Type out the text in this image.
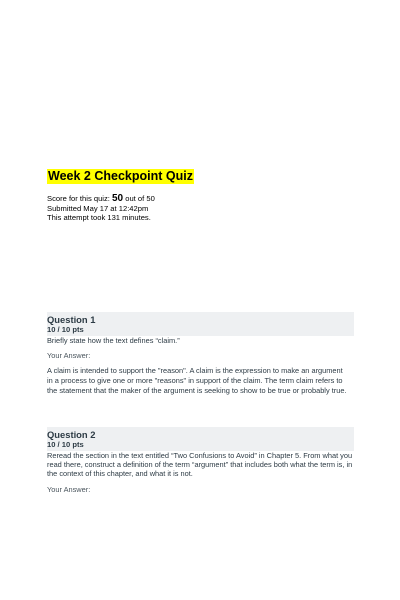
Week 2 Checkpoint Quiz
Score for this quiz: 50 out of 50
Submitted May 17 at 12:42pm
This attempt took 131 minutes.
Question 1
10 / 10 pts
Briefly state how the text defines “claim.”
Your Answer:
A claim is intended to support the "reason". A claim is the expression to make an argument in a process to give one or more "reasons" in support of the claim. The term claim refers to the statement that the maker of the argument is seeking to show to be true or probably true.
Question 2
10 / 10 pts
Reread the section in the text entitled “Two Confusions to Avoid” in Chapter 5. From what you read there, construct a definition of the term “argument” that includes both what the term is, in the context of this chapter, and what it is not.
Your Answer:
